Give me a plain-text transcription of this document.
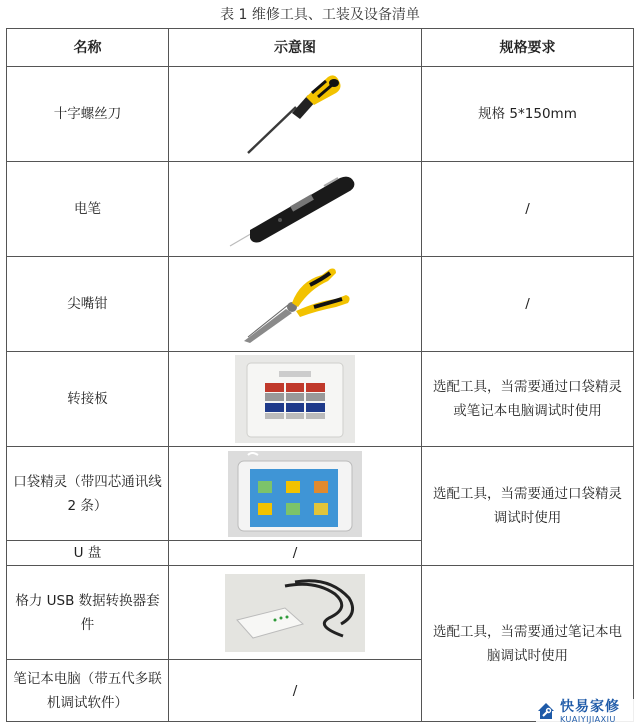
表 1 维修工具、工装及设备清单
名称	示意图	规格要求
十字螺丝刀		规格 5*150mm
电笔		/
尖嘴钳		/
转接板		选配工具，当需要通过口袋精灵或笔记本电脑调试时使用
口袋精灵（带四芯通讯线 2 条）		选配工具，当需要通过口袋精灵调试时使用
U 盘	/	
格力 USB 数据转换器套件		选配工具，当需要通过笔记本电脑调试时使用
笔记本电脑（带五代多联机调试软件）	/	
快易家修
KUAIYIJIAXIU
